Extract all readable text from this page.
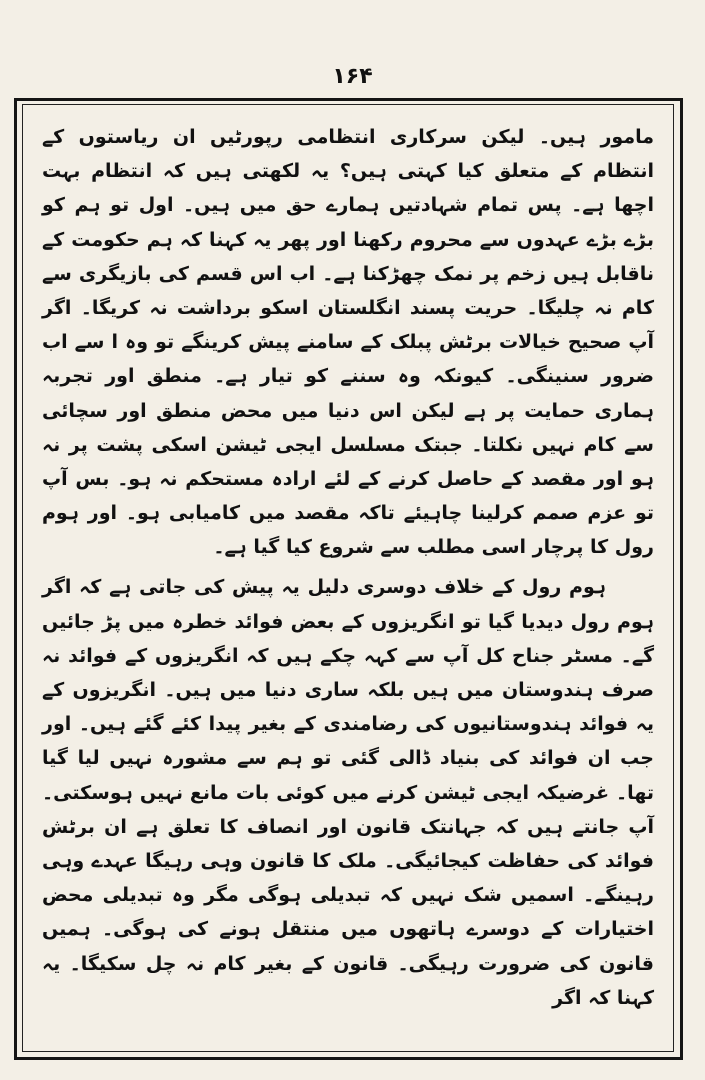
۱۶۴

مامور ہیں۔ لیکن سرکاری انتظامی رپورٹیں ان ریاستوں کے انتظام کے متعلق کیا کہتی ہیں؟ یہ لکھتی ہیں کہ انتظام بہت اچھا ہے۔ پس تمام شہادتیں ہمارے حق میں ہیں۔ اول تو ہم کو بڑے بڑے عہدوں سے محروم رکھنا اور پھر یہ کہنا کہ ہم حکومت کے ناقابل ہیں زخم پر نمک چھڑکنا ہے۔ اب اس قسم کی بازیگری سے کام نہ چلیگا۔ حریت پسند انگلستان اسکو برداشت نہ کریگا۔ اگر آپ صحیح خیالات برٹش پبلک کے سامنے پیش کرینگے تو وہ ا سے اب ضرور سنینگی۔ کیونکہ وہ سننے کو تیار ہے۔ منطق اور تجربہ ہماری حمایت پر ہے لیکن اس دنیا میں محض منطق اور سچائی سے کام نہیں نکلتا۔ جبتک مسلسل ایجی ٹیشن اسکی پشت پر نہ ہو اور مقصد کے حاصل کرنے کے لئے ارادہ مستحکم نہ ہو۔ بس آپ تو عزم صمم کرلینا چاہیئے تاکہ مقصد میں کامیابی ہو۔ اور ہوم رول کا پرچار اسی مطلب سے شروع کیا گیا ہے۔

ہوم رول کے خلاف دوسری دلیل یہ پیش کی جاتی ہے کہ اگر ہوم رول دیدیا گیا تو انگریزوں کے بعض فوائد خطرہ میں پڑ جائیں گے۔ مسٹر جناح کل آپ سے کہہ چکے ہیں کہ انگریزوں کے فوائد نہ صرف ہندوستان میں ہیں بلکہ ساری دنیا میں ہیں۔ انگریزوں کے یہ فوائد ہندوستانیوں کی رضامندی کے بغیر پیدا کئے گئے ہیں۔ اور جب ان فوائد کی بنیاد ڈالی گئی تو ہم سے مشورہ نہیں لیا گیا تھا۔ غرضیکہ ایجی ٹیشن کرنے میں کوئی بات مانع نہیں ہوسکتی۔ آپ جانتے ہیں کہ جہانتک قانون اور انصاف کا تعلق ہے ان برٹش فوائد کی حفاظت کیجائیگی۔ ملک کا قانون وہی رہیگا عہدے وہی رہینگے۔ اسمیں شک نہیں کہ تبدیلی ہوگی مگر وہ تبدیلی محض اختیارات کے دوسرے ہاتھوں میں منتقل ہونے کی ہوگی۔ ہمیں قانون کی ضرورت رہیگی۔ قانون کے بغیر کام نہ چل سکیگا۔ یہ کہنا کہ اگر
